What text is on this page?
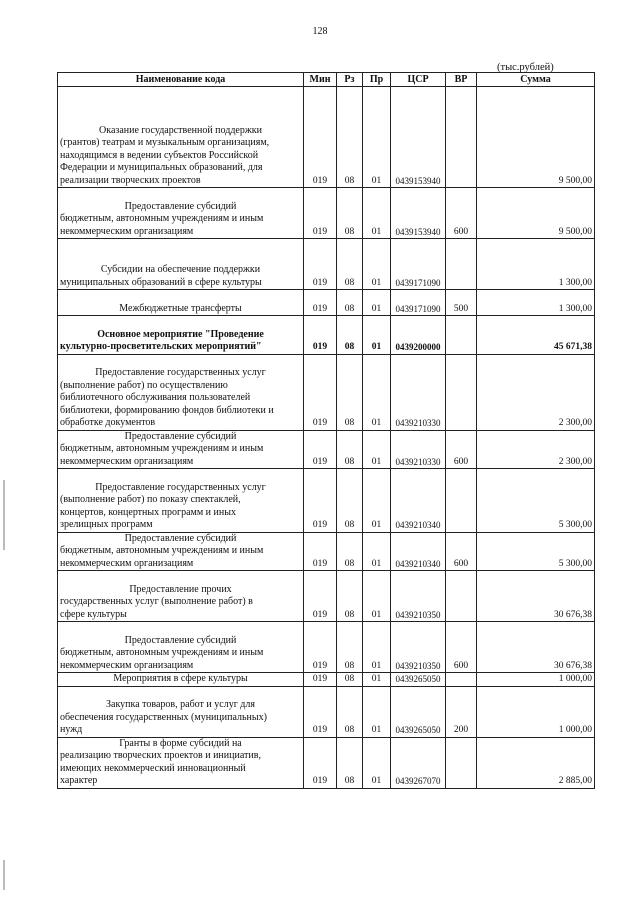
128
(тыс.рублей)
Наименование кода	Мин	Рз	Пр	ЦСР	ВР	Сумма

Оказание государственной поддержки
(грантов) театрам и музыкальным организациям,
находящимся в ведении субъектов Российской
Федерации и муниципальных образований, для
реализации творческих проектов	019	08	01	0439153940		9 500,00

Предоставление субсидий
бюджетным, автономным учреждениям и иным
некоммерческим организациям	019	08	01	0439153940	600	9 500,00

Субсидии на обеспечение поддержки
муниципальных образований в сфере культуры	019	08	01	0439171090		1 300,00

Межбюджетные трансферты	019	08	01	0439171090	500	1 300,00

Основное мероприятие "Проведение
культурно-просветительских мероприятий"	019	08	01	0439200000		45 671,38

Предоставление государственных услуг
(выполнение работ) по осуществлению
библиотечного обслуживания пользователей
библиотеки, формированию фондов библиотеки и
обработке документов	019	08	01	0439210330		2 300,00

Предоставление субсидий
бюджетным, автономным учреждениям и иным
некоммерческим организациям	019	08	01	0439210330	600	2 300,00

Предоставление государственных услуг
(выполнение работ) по показу спектаклей,
концертов, концертных программ и иных
зрелищных программ	019	08	01	0439210340		5 300,00

Предоставление субсидий
бюджетным, автономным учреждениям и иным
некоммерческим организациям	019	08	01	0439210340	600	5 300,00

Предоставление прочих
государственных услуг (выполнение работ) в
сфере культуры	019	08	01	0439210350		30 676,38

Предоставление субсидий
бюджетным, автономным учреждениям и иным
некоммерческим организациям	019	08	01	0439210350	600	30 676,38

Мероприятия в сфере культуры	019	08	01	0439265050		1 000,00

Закупка товаров, работ и услуг для
обеспечения государственных (муниципальных)
нужд	019	08	01	0439265050	200	1 000,00

Гранты в форме субсидий на
реализацию творческих проектов и инициатив,
имеющих некоммерческий инновационный
характер	019	08	01	0439267070		2 885,00
